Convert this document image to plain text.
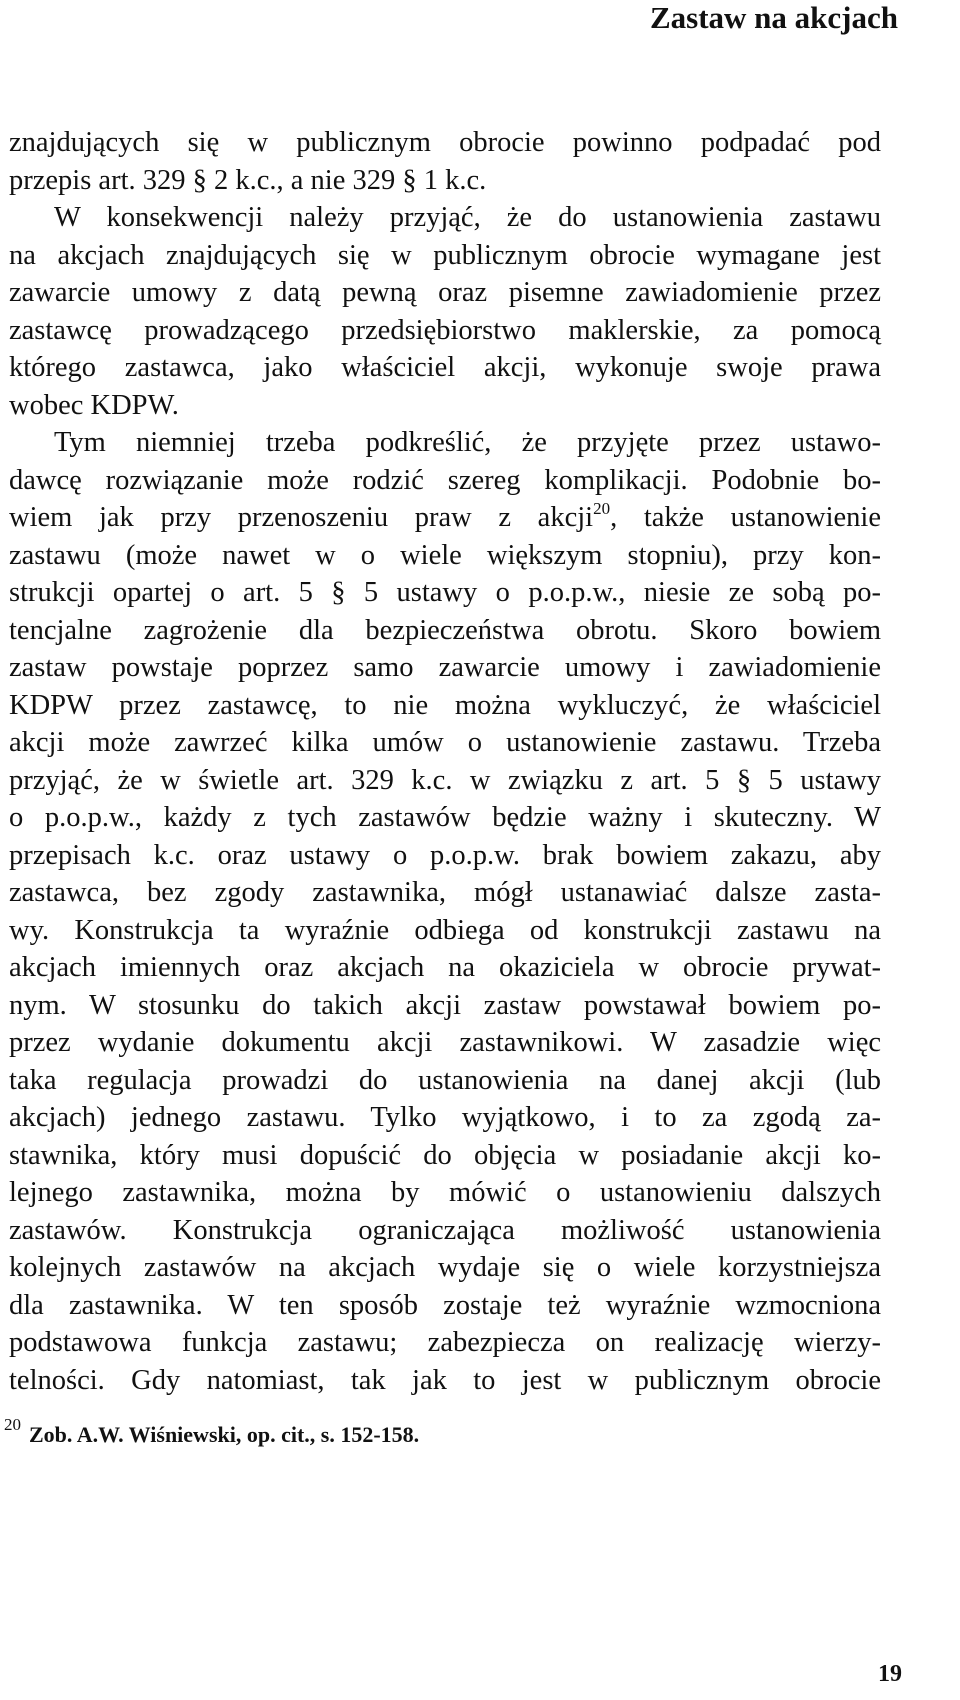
Zastaw na akcjach
znajdujących się w publicznym obrocie powinno podpadać pod
przepis art. 329 § 2 k.c., a nie 329 § 1 k.c.
W konsekwencji należy przyjąć, że do ustanowienia zastawu
na akcjach znajdujących się w publicznym obrocie wymagane jest
zawarcie umowy z datą pewną oraz pisemne zawiadomienie przez
zastawcę prowadzącego przedsiębiorstwo maklerskie, za pomocą
którego zastawca, jako właściciel akcji, wykonuje swoje prawa
wobec KDPW.
Tym niemniej trzeba podkreślić, że przyjęte przez ustawo-
dawcę rozwiązanie może rodzić szereg komplikacji. Podobnie bo-
wiem jak przy przenoszeniu praw z akcji$^{20}$, także ustanowienie
zastawu (może nawet w o wiele większym stopniu), przy kon-
strukcji opartej o art. 5 § 5 ustawy o p.o.p.w., niesie ze sobą po-
tencjalne zagrożenie dla bezpieczeństwa obrotu. Skoro bowiem
zastaw powstaje poprzez samo zawarcie umowy i zawiadomienie
KDPW przez zastawcę, to nie można wykluczyć, że właściciel
akcji może zawrzeć kilka umów o ustanowienie zastawu. Trzeba
przyjąć, że w świetle art. 329 k.c. w związku z art. 5 § 5 ustawy
o p.o.p.w., każdy z tych zastawów będzie ważny i skuteczny. W
przepisach k.c. oraz ustawy o p.o.p.w. brak bowiem zakazu, aby
zastawca, bez zgody zastawnika, mógł ustanawiać dalsze zasta-
wy. Konstrukcja ta wyraźnie odbiega od konstrukcji zastawu na
akcjach imiennych oraz akcjach na okaziciela w obrocie prywat-
nym. W stosunku do takich akcji zastaw powstawał bowiem po-
przez wydanie dokumentu akcji zastawnikowi. W zasadzie więc
taka regulacja prowadzi do ustanowienia na danej akcji (lub
akcjach) jednego zastawu. Tylko wyjątkowo, i to za zgodą za-
stawnika, który musi dopuścić do objęcia w posiadanie akcji ko-
lejnego zastawnika, można by mówić o ustanowieniu dalszych
zastawów. Konstrukcja ograniczająca możliwość ustanowienia
kolejnych zastawów na akcjach wydaje się o wiele korzystniejsza
dla zastawnika. W ten sposób zostaje też wyraźnie wzmocniona
podstawowa funkcja zastawu; zabezpiecza on realizację wierzy-
telności. Gdy natomiast, tak jak to jest w publicznym obrocie
$^{20}$ Zob. A.W. Wiśniewski, op. cit., s. 152-158.
19
